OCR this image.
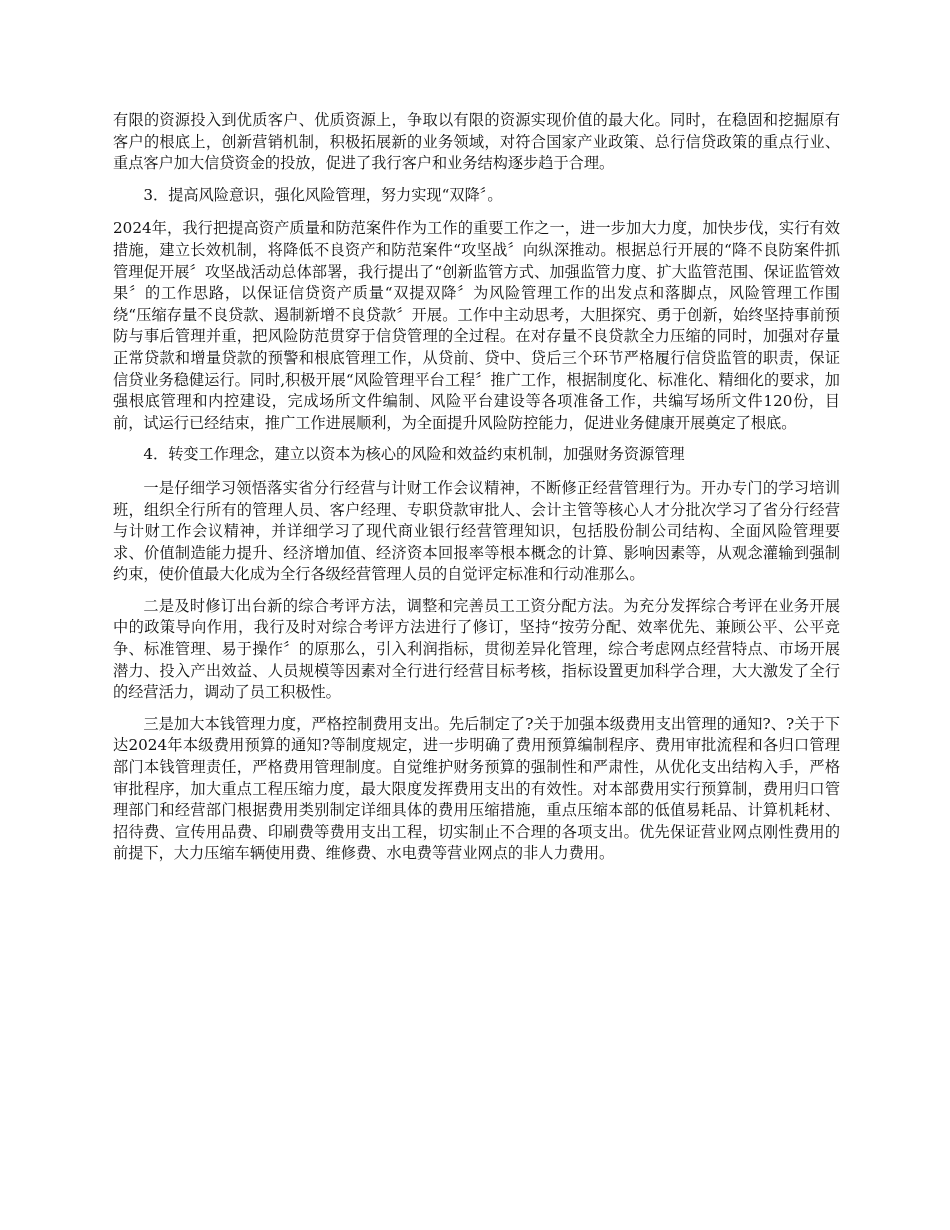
有限的资源投入到优质客户、优质资源上，争取以有限的资源实现价值的最大化。同时，在稳固和挖掘原有客户的根底上，创新营销机制，积极拓展新的业务领域，对符合国家产业政策、总行信贷政策的重点行业、重点客户加大信贷资金的投放，促进了我行客户和业务结构逐步趋于合理。

3．提高风险意识，强化风险管理，努力实现“双降〞。

2024年，我行把提高资产质量和防范案件作为工作的重要工作之一，进一步加大力度，加快步伐，实行有效措施，建立长效机制，将降低不良资产和防范案件“攻坚战〞向纵深推动。根据总行开展的“降不良防案件抓管理促开展〞攻坚战活动总体部署，我行提出了“创新监管方式、加强监管力度、扩大监管范围、保证监管效果〞的工作思路，以保证信贷资产质量“双提双降〞为风险管理工作的出发点和落脚点，风险管理工作围绕“压缩存量不良贷款、遏制新增不良贷款〞开展。工作中主动思考，大胆探究、勇于创新，始终坚持事前预防与事后管理并重，把风险防范贯穿于信贷管理的全过程。在对存量不良贷款全力压缩的同时，加强对存量正常贷款和增量贷款的预警和根底管理工作，从贷前、贷中、贷后三个环节严格履行信贷监管的职责，保证信贷业务稳健运行。同时,积极开展“风险管理平台工程〞推广工作，根据制度化、标准化、精细化的要求，加强根底管理和内控建设，完成场所文件编制、风险平台建设等各项准备工作，共编写场所文件120份，目前，试运行已经结束，推广工作进展顺利，为全面提升风险防控能力，促进业务健康开展奠定了根底。

4．转变工作理念，建立以资本为核心的风险和效益约束机制，加强财务资源管理

一是仔细学习领悟落实省分行经营与计财工作会议精神，不断修正经营管理行为。开办专门的学习培训班，组织全行所有的管理人员、客户经理、专职贷款审批人、会计主管等核心人才分批次学习了省分行经营与计财工作会议精神，并详细学习了现代商业银行经营管理知识，包括股份制公司结构、全面风险管理要求、价值制造能力提升、经济增加值、经济资本回报率等根本概念的计算、影响因素等，从观念灌输到强制约束，使价值最大化成为全行各级经营管理人员的自觉评定标准和行动准那么。

二是及时修订出台新的综合考评方法，调整和完善员工工资分配方法。为充分发挥综合考评在业务开展中的政策导向作用，我行及时对综合考评方法进行了修订，坚持“按劳分配、效率优先、兼顾公平、公平竞争、标准管理、易于操作〞的原那么，引入利润指标，贯彻差异化管理，综合考虑网点经营特点、市场开展潜力、投入产出效益、人员规模等因素对全行进行经营目标考核，指标设置更加科学合理，大大激发了全行的经营活力，调动了员工积极性。

三是加大本钱管理力度，严格控制费用支出。先后制定了?关于加强本级费用支出管理的通知?、?关于下达2024年本级费用预算的通知?等制度规定，进一步明确了费用预算编制程序、费用审批流程和各归口管理部门本钱管理责任，严格费用管理制度。自觉维护财务预算的强制性和严肃性，从优化支出结构入手，严格审批程序，加大重点工程压缩力度，最大限度发挥费用支出的有效性。对本部费用实行预算制，费用归口管理部门和经营部门根据费用类别制定详细具体的费用压缩措施，重点压缩本部的低值易耗品、计算机耗材、招待费、宣传用品费、印刷费等费用支出工程，切实制止不合理的各项支出。优先保证营业网点刚性费用的前提下，大力压缩车辆使用费、维修费、水电费等营业网点的非人力费用。
